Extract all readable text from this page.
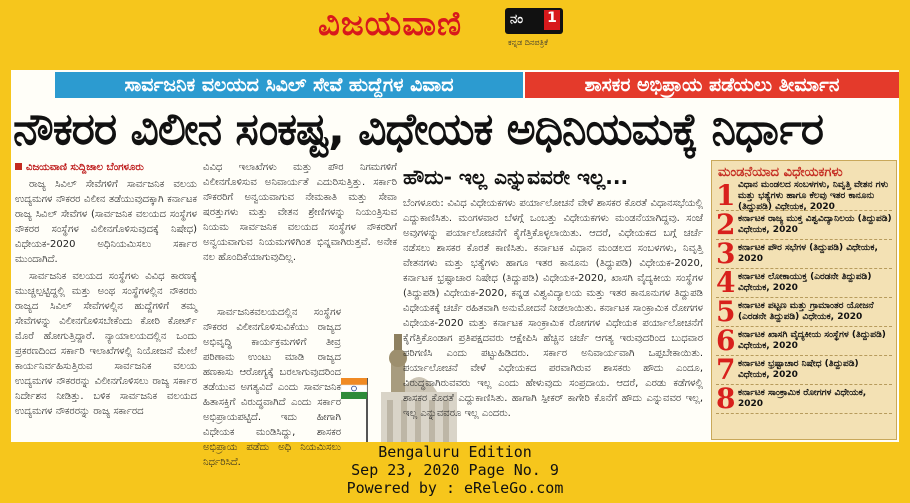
ವಿಜಯವಾಣಿ	ನಂ 1
ಕನ್ನಡ ದಿನಪತ್ರಿಕೆ
ಸಾರ್ವಜನಿಕ ವಲಯದ ಸಿವಿಲ್ ಸೇವೆ ಹುದ್ದೆಗಳ ವಿವಾದ	ಶಾಸಕರ ಅಭಿಪ್ರಾಯ ಪಡೆಯಲು ತೀರ್ಮಾನ
ನೌಕರರ ವಿಲೀನ ಸಂಕಷ್ಟ, ವಿಧೇಯಕ ಅಧಿನಿಯಮಕ್ಕೆ ನಿರ್ಧಾರ
ವಿಜಯವಾಣಿ ಸುದ್ದಿಜಾಲ ಬೆಂಗಳೂರು

ರಾಜ್ಯ ಸಿವಿಲ್ ಸೇವೆಗಳಿಗೆ ಸಾರ್ವಜನಿಕ ವಲಯ ಉದ್ಯಮಗಳ ನೌಕರರ ವಿಲೀನ ತಡೆಯುವುದಕ್ಕಾಗಿ ಕರ್ನಾಟಕ ರಾಜ್ಯ ಸಿವಿಲ್ ಸೇವೆಗಳ (ಸಾರ್ವಜನಿಕ ವಲಯದ ಸಂಸ್ಥೆಗಳ ನೌಕರರ ಸಂಸ್ಥೆಗಳ ವಿಲೀನಗೊಳಿಸುವುದಕ್ಕೆ ನಿಷೇಧ) ವಿಧೇಯಕ-2020 ಅಧಿನಿಯಮಿಸಲು ಸರ್ಕಾರ ಮುಂದಾಗಿದೆ.

ಸಾರ್ವಜನಿಕ ವಲಯದ ಸಂಸ್ಥೆಗಳು ವಿವಿಧ ಕಾರಣಕ್ಕೆ ಮುಚ್ಚಲ್ಪಟ್ಟಿದ್ದಲ್ಲಿ ಮತ್ತು ಅಂಥ ಸಂಸ್ಥೆಗಳಲ್ಲಿನ ನೌಕರರು ರಾಜ್ಯದ ಸಿವಿಲ್ ಸೇವೆಗಳಲ್ಲಿನ ಹುದ್ದೆಗಳಿಗೆ ತಮ್ಮ ಸೇವೆಗಳನ್ನು ವಿಲೀನಗೊಳಿಸಬೇಕೆಂದು ಕೋರಿ ಕೋರ್ಟ್ ಮೊರೆ ಹೋಗುತ್ತಿದ್ದಾರೆ. ನ್ಯಾಯಾಲಯದಲ್ಲಿನ ಒಂದು ಪ್ರಕರಣದಿಂದ ಸರ್ಕಾರಿ ಇಲಾಖೆಗಳಲ್ಲಿ ನಿಯೋಜನೆ ಮೇಲೆ ಕಾರ್ಯನಿರ್ವಹಿಸುತ್ತಿರುವ ಸಾರ್ವಜನಿಕ ವಲಯ ಉದ್ಯಮಗಳ ನೌಕರರನ್ನು ವಿಲೀನಗೊಳಿಸಲು ರಾಜ್ಯ ಸರ್ಕಾರ ನಿರ್ದೇಶನ ನೀಡಿತ್ತು. ಬಳಿಕ ಸಾರ್ವಜನಿಕ ವಲಯದ ಉದ್ಯಮಗಳ ನೌಕರರನ್ನು ರಾಜ್ಯ ಸರ್ಕಾರದ

ವಿವಿಧ ಇಲಾಖೆಗಳು ಮತ್ತು ಪೌರ ನಿಗಮಗಳಿಗೆ ವಿಲೀನಗೊಳಿಸುವ ಅನಿವಾರ್ಯತೆ ಎದುರಿಸುತ್ತಿತ್ತು. ಸರ್ಕಾರಿ ನೌಕರರಿಗೆ ಅನ್ವಯವಾಗುವ ನೇಮಕಾತಿ ಮತ್ತು ಸೇವಾ ಷರತ್ತುಗಳು ಮತ್ತು ವೇತನ ಶ್ರೇಣಿಗಳನ್ನು ನಿಯಂತ್ರಿಸುವ ನಿಯಮ ಸಾರ್ವಜನಿಕ ವಲಯದ ಸಂಸ್ಥೆಗಳ ನೌಕರರಿಗೆ ಅನ್ವಯವಾಗುವ ನಿಯಮಗಳಿಗಿಂತ ಭಿನ್ನವಾಗಿರುತ್ತವೆ. ಅನೇಕ ನಲ ಹೊಂದಿಕೆಯಾಗುವುದಿಲ್ಲ.

ಸಾರ್ವಜನಿಕವಲಯದಲ್ಲಿನ ಸಂಸ್ಥೆಗಳ ನೌಕರರ ವಿಲೀನಗೊಳಿಸುವಿಕೆಯು ರಾಜ್ಯದ ಅಭಿವೃದ್ಧಿ ಕಾರ್ಯಕ್ರಮಗಳಿಗೆ ತೀವ್ರ ಪರಿಣಾಮ ಉಂಟು ಮಾಡಿ ರಾಜ್ಯದ ಹಣಕಾಸು ಆರೋಗ್ಯಕ್ಕೆ ಬರಲಾಗುವುದರಿಂದ ತಡೆಯುವ ಅಗತ್ಯವಿದೆ ಎಂದು ಸಾರ್ವಜನಿಕ ಹಿತಾಸಕ್ತಿಗೆ ವಿರುದ್ಧವಾಗಿದೆ ಎಂದು ಸರ್ಕಾರ ಅಭಿಪ್ರಾಯಪಟ್ಟಿದೆ. ಇದು ಹೀಗಾಗಿ ವಿಧೇಯಕ ಮಂಡಿಸಿದ್ದು, ಶಾಸಕರ ಅಭಿಪ್ರಾಯ ಪಡೆದು ಅಧಿ ನಿಯಮಿಸಲು ನಿರ್ಧರಿಸಿದೆ.

ಹೌದು- ಇಲ್ಲ ಎನ್ನುವವರೇ ಇಲ್ಲ...

ಬೆಂಗಳೂರು: ವಿವಿಧ ವಿಧೇಯಕಗಳು ಪರ್ಯಾಲೋಚನೆ ವೇಳೆ ಶಾಸಕರ ಕೊರತೆ ವಿಧಾನಸಭೆಯಲ್ಲಿ ಎದ್ದುಕಾಣಿಸಿತು. ಮಂಗಳವಾರ ಬೆಳಗ್ಗೆ ಒಂಬತ್ತು ವಿಧೇಯಕಗಳು ಮಂಡನೆಯಾಗಿದ್ದವು. ಸಂಜೆ ಅವುಗಳನ್ನು ಪರ್ಯಾಲೋಚನೆಗೆ ಕೈಗೆತ್ತಿಕೊಳ್ಳಲಾಯಿತು. ಆದರೆ, ವಿಧೇಯಕದ ಬಗ್ಗೆ ಚರ್ಚೆ ನಡೆಸಲು ಶಾಸಕರ ಕೊರತೆ ಕಾಣಿಸಿತು. ಕರ್ನಾಟಕ ವಿಧಾನ ಮಂಡಲದ ಸಂಬಳಗಳು, ನಿವೃತ್ತಿ ವೇತನಗಳು ಮತ್ತು ಭತ್ಯೆಗಳು ಹಾಗೂ ಇತರ ಕಾನೂನು (ತಿದ್ದುಪಡಿ) ವಿಧೇಯಕ-2020, ಕರ್ನಾಟಕ ಭ್ರಷ್ಟಾಚಾರ ನಿಷೇಧ (ತಿದ್ದುಪಡಿ) ವಿಧೇಯಕ-2020, ಖಾಸಗಿ ವೈದ್ಯಕೀಯ ಸಂಸ್ಥೆಗಳ (ತಿದ್ದುಪಡಿ) ವಿಧೇಯಕ-2020, ಕನ್ನಡ ವಿಶ್ವವಿದ್ಯಾಲಯ ಮತ್ತು ಇತರ ಕಾನೂನುಗಳ ತಿದ್ದುಪಡಿ ವಿಧೇಯಕಕ್ಕೆ ಚರ್ಚೆ ರಹಿತವಾಗಿ ಅನುಮೋದನೆ ನೀಡಲಾಯಿತು. ಕರ್ನಾಟಕ ಸಾಂಕ್ರಾಮಿಕ ರೋಗಗಳ ವಿಧೇಯಕ-2020 ಮತ್ತು ಕರ್ನಾಟಕ ಸಾಂಕ್ರಾಮಿಕ ರೋಗಗಳ ವಿಧೇಯಕ ಪರ್ಯಾಲೋಚನೆಗೆ ಕೈಗೆತ್ತಿಕೊಂಡಾಗ ಪ್ರತಿಪಕ್ಷದವರು ಆಕ್ಷೇಪಿಸಿ ಹೆಚ್ಚಿನ ಚರ್ಚೆ ಆಗತ್ಯ ಇರುವುದರಿಂದ ಬುಧವಾರ ಪರಿಗಣಿಸಿ ಎಂದು ಪಟ್ಟುಹಿಡಿದರು. ಸರ್ಕಾರ ಅನಿವಾರ್ಯವಾಗಿ ಒಪ್ಪಬೇಕಾಯಿತು. ಪರ್ಯಾಲೋಚನೆ ವೇಳೆ ವಿಧೇಯಕದ ಪರವಾಗಿರುವ ಶಾಸಕರು ಹೌದು ಎಂದೂ, ವಿರುದ್ಧವಾಗಿರುವವರು ಇಲ್ಲ ಎಂದು ಹೇಳುವುದು ಸಂಪ್ರದಾಯ. ಆದರೆ, ಎರಡು ಕಡೆಗಳಲ್ಲಿ ಶಾಸಕರ ಕೊರತೆ ಎದ್ದುಕಾಣಿಸಿತು. ಹಾಗಾಗಿ ಸ್ಪೀಕರ್ ಕಾಗೇರಿ ಕೊನೆಗೆ ಹೌದು ಎನ್ನುವವರ ಇಲ್ಲ, ಇಲ್ಲ ಎನ್ನುವವರೂ ಇಲ್ಲ ಎಂದರು.

ಮಂಡನೆಯಾದ ವಿಧೇಯಕಗಳು
1 ವಿಧಾನ ಮಂಡಲದ ಸಂಬಳಗಳು, ನಿವೃತ್ತಿ ವೇತನ ಗಳು ಮತ್ತು ಭತ್ಯೆಗಳು ಹಾಗೂ ಕೆಲವು ಇತರ ಕಾನೂನು (ತಿದ್ದುಪಡಿ) ವಿಧೇಯಕ, 2020
2 ಕರ್ನಾಟಕ ರಾಜ್ಯ ಮುಕ್ತ ವಿಶ್ವವಿದ್ಯಾನಿಲಯ (ತಿದ್ದುಪಡಿ) ವಿಧೇಯಕ, 2020
3 ಕರ್ನಾಟಕ ಪೌರ ಸಭೆಗಳ (ತಿದ್ದುಪಡಿ) ವಿಧೇಯಕ, 2020
4 ಕರ್ನಾಟಕ ಲೋಕಾಯುಕ್ತ (ಎರಡನೇ ತಿದ್ದುಪಡಿ) ವಿಧೇಯಕ, 2020
5 ಕರ್ನಾಟಕ ಪಟ್ಟಣ ಮತ್ತು ಗ್ರಾಮಾಂತರ ಯೋಜನೆ (ಎರಡನೇ ತಿದ್ದುಪಡಿ) ವಿಧೇಯಕ, 2020
6 ಕರ್ನಾಟಕ ಖಾಸಗಿ ವೈದ್ಯಕೀಯ ಸಂಸ್ಥೆಗಳ (ತಿದ್ದುಪಡಿ) ವಿಧೇಯಕ, 2020
7 ಕರ್ನಾಟಕ ಭ್ರಷ್ಟಾಚಾರ ನಿಷೇಧ (ತಿದ್ದುಪಡಿ) ವಿಧೇಯಕ, 2020
8 ಕರ್ನಾಟಕ ಸಾಂಕ್ರಾಮಿಕ ರೋಗಗಳ ವಿಧೇಯಕ, 2020
Bengaluru Edition
Sep 23, 2020 Page No. 9
Powered by : eReleGo.com
